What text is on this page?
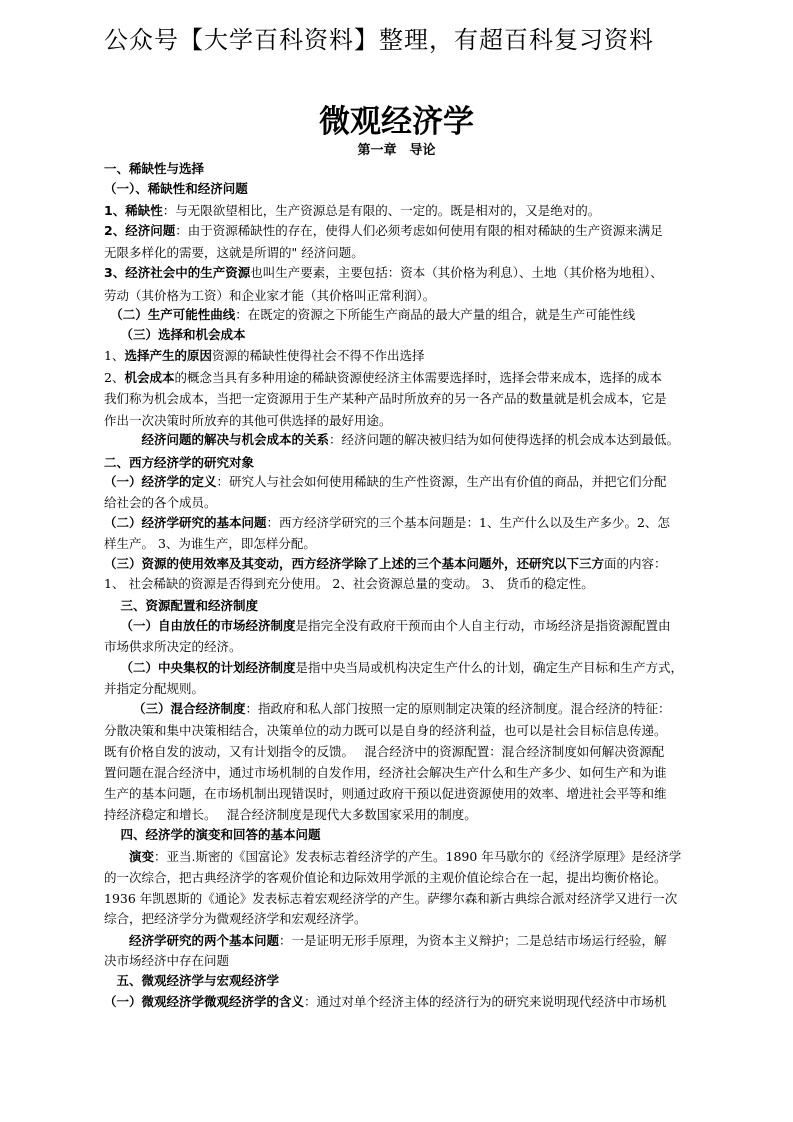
公众号【大学百科资料】整理，有超百科复习资料
微观经济学
第一章　导论
一、稀缺性与选择
（一）、稀缺性和经济问题
1、稀缺性：与无限欲望相比，生产资源总是有限的、一定的。既是相对的，又是绝对的。
2、经济问题：由于资源稀缺性的存在，使得人们必须考虑如何使用有限的相对稀缺的生产资源来满足
无限多样化的需要，这就是所谓的" 经济问题。
3、经济社会中的生产资源也叫生产要素，主要包括：资本（其价格为利息）、土地（其价格为地租）、
劳动（其价格为工资）和企业家才能（其价格叫正常利润）。
　（二）生产可能性曲线：在既定的资源之下所能生产商品的最大产量的组合，就是生产可能性线
　 （三）选择和机会成本
1、选择产生的原因资源的稀缺性使得社会不得不作出选择
2、机会成本的概念当具有多种用途的稀缺资源使经济主体需要选择时，选择会带来成本，选择的成本
我们称为机会成本，当把一定资源用于生产某种产品时所放弃的另一各产品的数量就是机会成本，它是
作出一次决策时所放弃的其他可供选择的最好用途。
　　　经济问题的解决与机会成本的关系：经济问题的解决被归结为如何使得选择的机会成本达到最低。
二、西方经济学的研究对象
（一）经济学的定义：研究人与社会如何使用稀缺的生产性资源，生产出有价值的商品，并把它们分配
给社会的各个成员。
（二）经济学研究的基本问题：西方经济学研究的三个基本问题是：1、生产什么以及生产多少。2、怎
样生产。 3、为谁生产，即怎样分配。
（三）资源的使用效率及其变动，西方经济学除了上述的三个基本问题外，还研究以下三方面的内容：
1、 社会稀缺的资源是否得到充分使用。 2、社会资源总量的变动。 3、 货币的稳定性。
　 三、资源配置和经济制度
　 （一）自由放任的市场经济制度是指完全没有政府干预而由个人自主行动，市场经济是指资源配置由
市场供求所决定的经济。
　 （二）中央集权的计划经济制度是指中央当局或机构决定生产什么的计划，确定生产目标和生产方式，
并指定分配规则。
　　 （三）混合经济制度：指政府和私人部门按照一定的原则制定决策的经济制度。混合经济的特征：
分散决策和集中决策相结合，决策单位的动力既可以是自身的经济利益，也可以是社会目标信息传递。
既有价格自发的波动，又有计划指令的反馈。　 混合经济中的资源配置：混合经济制度如何解决资源配
置问题在混合经济中，通过市场机制的自发作用，经济社会解决生产什么和生产多少、如何生产和为谁
生产的基本问题，在市场机制出现错误时，则通过政府干预以促进资源使用的效率、增进社会平等和维
持经济稳定和增长。　 混合经济制度是现代大多数国家采用的制度。
　 四、经济学的演变和回答的基本问题
　　演变：亚当.斯密的《国富论》发表标志着经济学的产生。1890 年马歇尔的《经济学原理》是经济学
的一次综合，把古典经济学的客观价值论和边际效用学派的主观价值论综合在一起，提出均衡价格论。
1936 年凯恩斯的《通论》发表标志着宏观经济学的产生。萨缪尔森和新古典综合派对经济学又进行一次
综合，把经济学分为微观经济学和宏观经济学。
　　经济学研究的两个基本问题：一是证明无形手原理，为资本主义辩护；二是总结市场运行经验，解
决市场经济中存在问题
　五、微观经济学与宏观经济学
（一）微观经济学微观经济学的含义：通过对单个经济主体的经济行为的研究来说明现代经济中市场机
